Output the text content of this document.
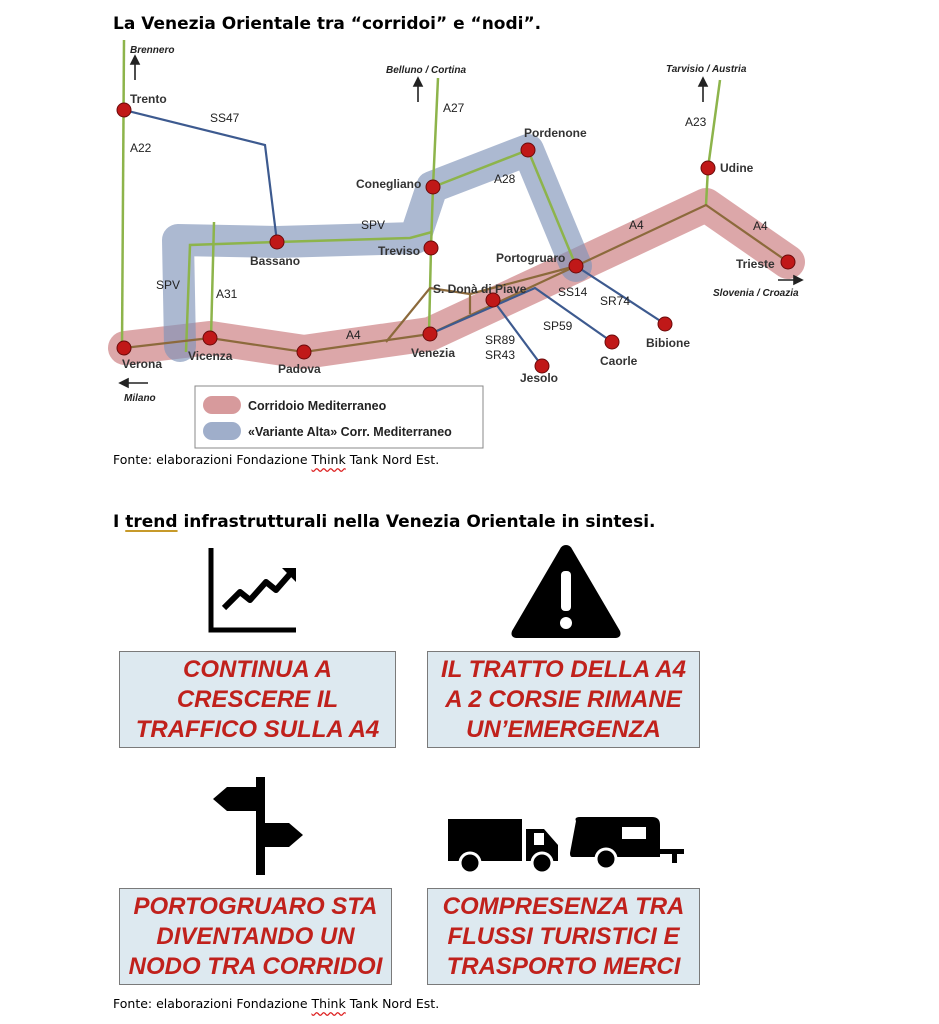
Trento
Bassano
Conegliano
Treviso
Pordenone
Portogruaro
Udine
Trieste
Verona
Vicenza
Padova
Venezia
S. Donà di Piave
Jesolo
Caorle
Bibione
Brennero
Belluno / Cortina	Tarvisio / Austria
Milano
Slovenia / Croazia
A22
SS47
A27
A23
A28
SPV
SPV
A31
A4
A4	A4
SS14
SR74
SP59
SR89
SR43
Corridoio Mediterraneo
«Variante Alta» Corr. Mediterraneo
La Venezia Orientale tra “corridoi” e “nodi”.

Fonte: elaborazioni Fondazione Think Tank Nord Est.

I trend infrastrutturali nella Venezia Orientale in sintesi.
CONTINUA A
CRESCERE IL
TRAFFICO SULLA A4
IL TRATTO DELLA A4
A 2 CORSIE RIMANE
UN’EMERGENZA
PORTOGRUARO STA
DIVENTANDO UN
NODO TRA CORRIDOI
COMPRESENZA TRA
FLUSSI TURISTICI E
TRASPORTO MERCI

Fonte: elaborazioni Fondazione Think Tank Nord Est.
